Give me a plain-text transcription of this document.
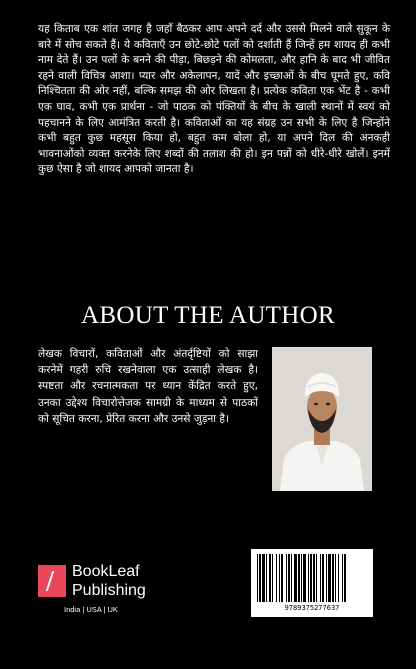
यह किताब एक शांत जगह है जहाँ बैठकर आप अपने दर्द और उससे मिलने वाले सुकून के बारे में सोच सकते हैं। ये कविताएँ उन छोटे-छोटे पलों को दर्शाती हैं जिन्हें हम शायद ही कभी नाम देते हैं। उन पलों के बनने की पीड़ा, बिछड़ने की कोमलता, और हानि के बाद भी जीवित रहने वाली विचित्र आशा। प्यार और अकेलापन, यादें और इच्छाओं के बीच घूमते हुए, कवि निश्चितता की ओर नहीं, बल्कि समझ की ओर लिखता है। प्रत्येक कविता एक भेंट है - कभी एक घाव, कभी एक प्रार्थना - जो पाठक को पंक्तियों के बीच के खाली स्थानों में स्वयं को पहचानने के लिए आमंत्रित करती है। कविताओं का यह संग्रह उन सभी के लिए है जिन्होंने कभी बहुत कुछ महसूस किया हो, बहुत कम बोला हो, या अपने दिल की अनकही भावनाओंको व्यक्त करनेके लिए शब्दों की तलाश की हो। इन पन्नों को धीरे-धीरे खोलें। इनमें कुछ ऐसा है जो शायद आपको जानता है।

ABOUT THE AUTHOR

लेखक विचारों, कविताओं और अंतर्दृष्टियों को साझा करनेमें गहरी रुचि रखनेवाला एक उत्साही लेखक है। स्पष्टता और रचनात्मकता पर ध्यान केंद्रित करते हुए, उनका उद्देश्य विचारोत्तेजक सामग्री के माध्यम से पाठकों को सूचित करना, प्रेरित करना और उनसे जुड़ना है।

BookLeaf
Publishing
India | USA | UK	9789375277637
